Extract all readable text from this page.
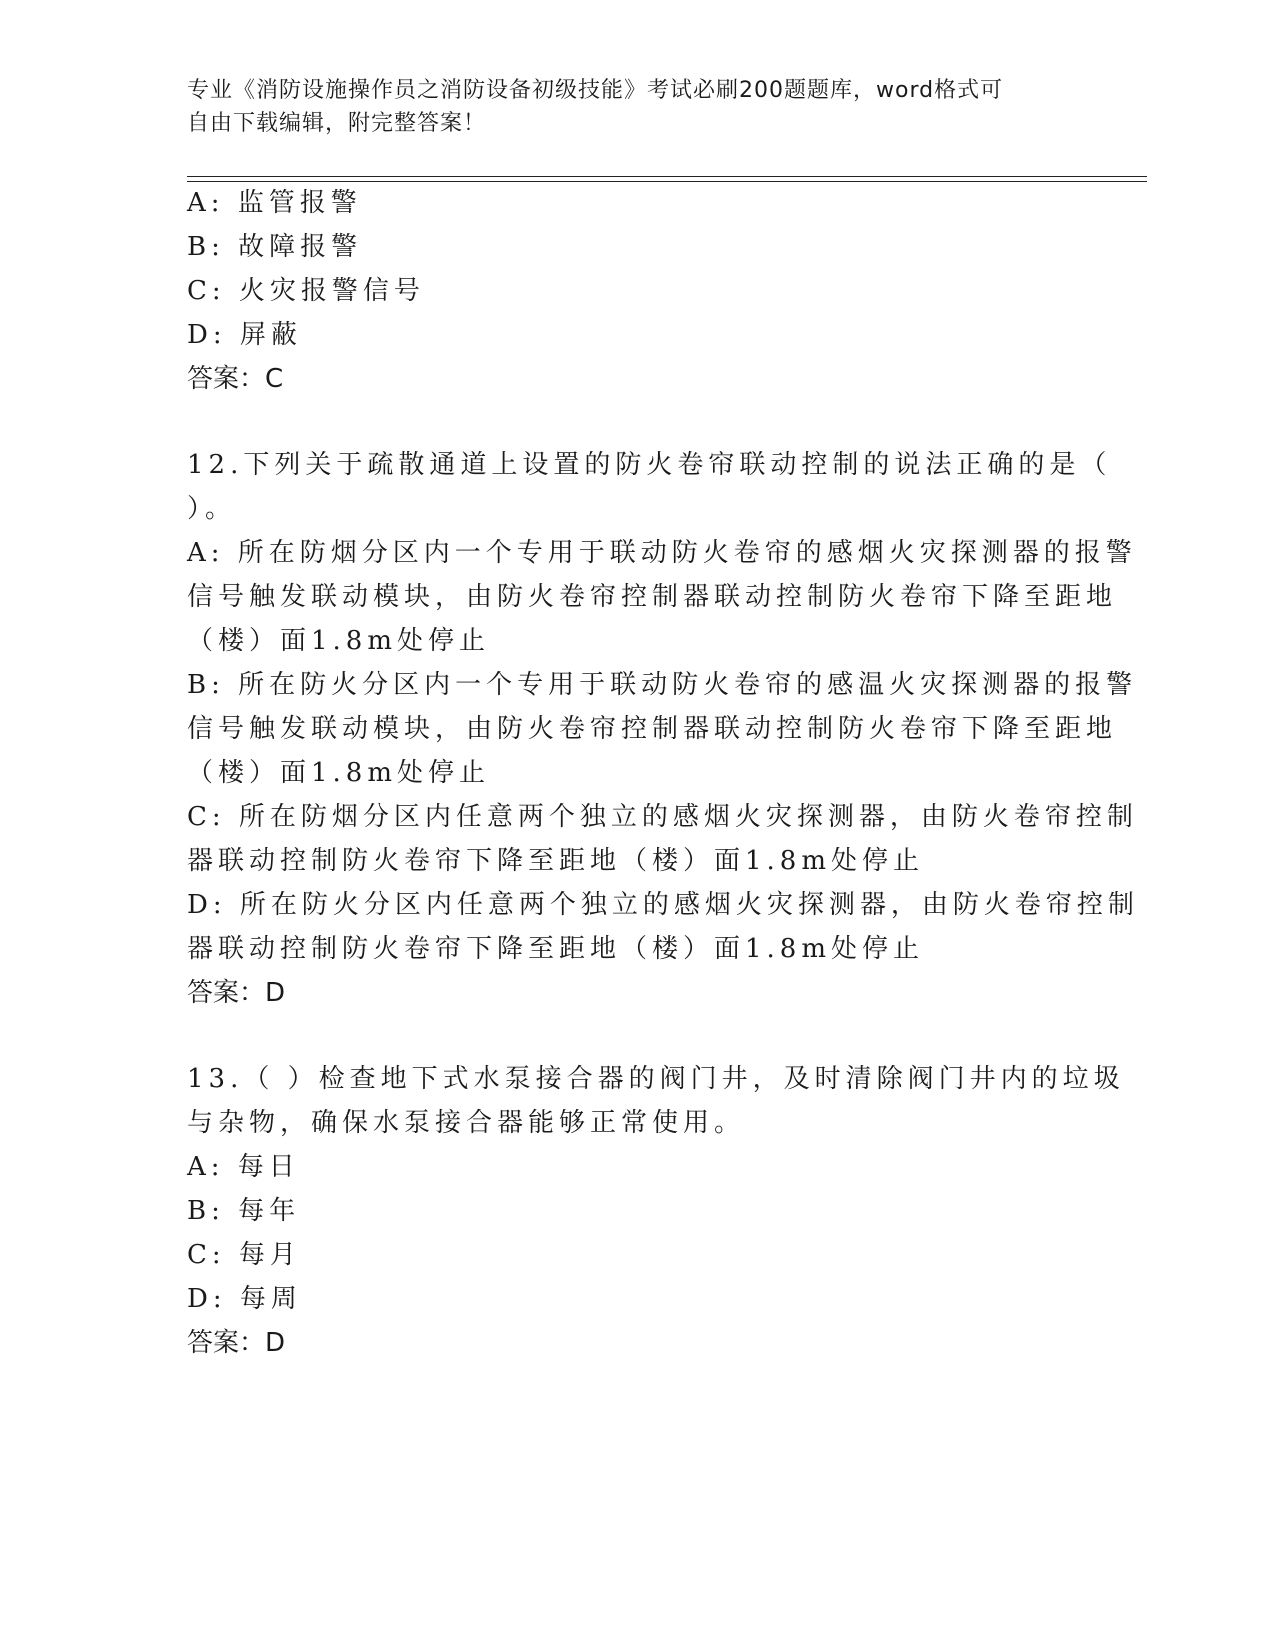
专业《消防设施操作员之消防设备初级技能》考试必刷200题题库，word格式可
自由下载编辑，附完整答案！
A: 监管报警
B: 故障报警
C: 火灾报警信号
D: 屏蔽
答案：C
12.下列关于疏散通道上设置的防火卷帘联动控制的说法正确的是（
）。
A: 所在防烟分区内一个专用于联动防火卷帘的感烟火灾探测器的报警
信号触发联动模块，由防火卷帘控制器联动控制防火卷帘下降至距地
（楼）面1.8m处停止
B: 所在防火分区内一个专用于联动防火卷帘的感温火灾探测器的报警
信号触发联动模块，由防火卷帘控制器联动控制防火卷帘下降至距地
（楼）面1.8m处停止
C: 所在防烟分区内任意两个独立的感烟火灾探测器，由防火卷帘控制
器联动控制防火卷帘下降至距地（楼）面1.8m处停止
D: 所在防火分区内任意两个独立的感烟火灾探测器，由防火卷帘控制
器联动控制防火卷帘下降至距地（楼）面1.8m处停止
答案：D
13.（ ）检查地下式水泵接合器的阀门井，及时清除阀门井内的垃圾
与杂物，确保水泵接合器能够正常使用。
A: 每日
B: 每年
C: 每月
D: 每周
答案：D
